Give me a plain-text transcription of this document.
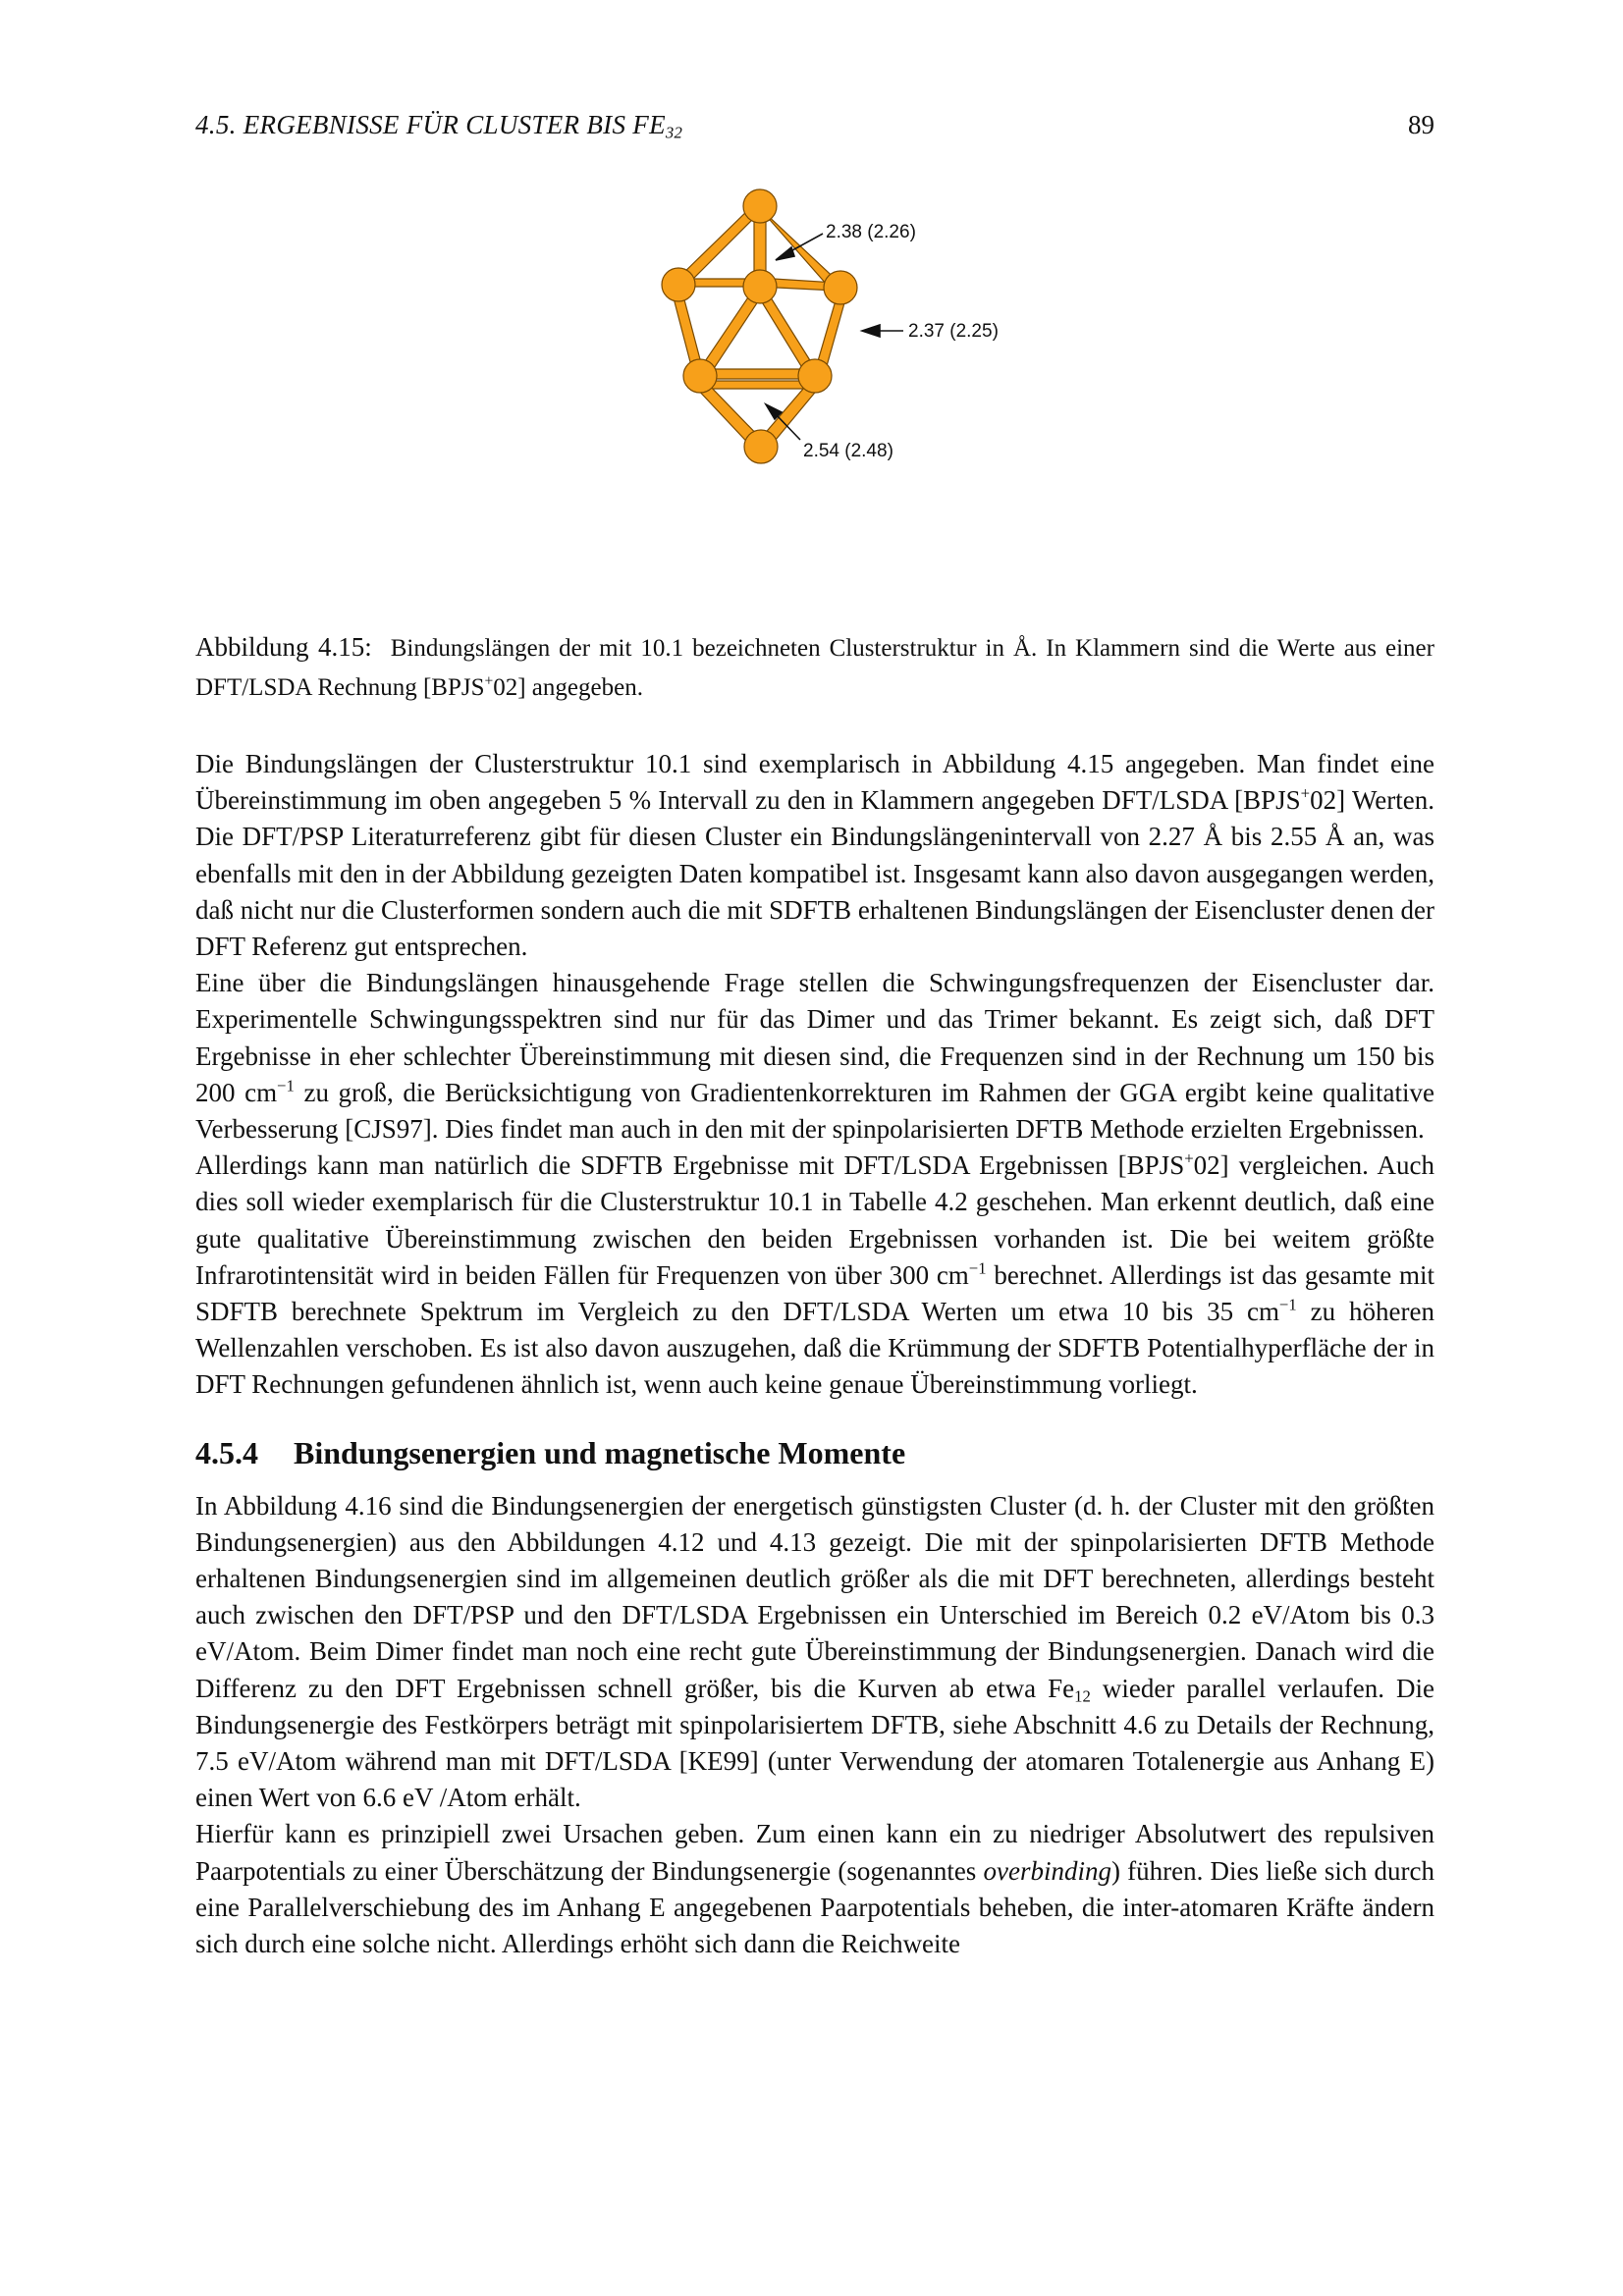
4.5. ERGEBNISSE FÜR CLUSTER BIS $FE_{32}$	89
2.38 (2.26)
2.37 (2.25)
2.54 (2.48)
Abbildung 4.15: Bindungslängen der mit 10.1 bezeichneten Clusterstruktur in Å. In Klammern sind die Werte aus einer DFT/LSDA Rechnung [BPJS+02] angegeben.

Die Bindungslängen der Clusterstruktur 10.1 sind exemplarisch in Abbildung 4.15 angegeben. Man findet eine Übereinstimmung im oben angegeben 5 % Intervall zu den in Klammern angegeben DFT/LSDA [BPJS+02] Werten. Die DFT/PSP Literaturreferenz gibt für diesen Cluster ein Bindungslängenintervall von 2.27 Å bis 2.55 Å an, was ebenfalls mit den in der Abbildung gezeigten Daten kompatibel ist. Insgesamt kann also davon ausgegangen werden, daß nicht nur die Clusterformen sondern auch die mit SDFTB erhaltenen Bindungslängen der Eisencluster denen der DFT Referenz gut entsprechen.

Eine über die Bindungslängen hinausgehende Frage stellen die Schwingungsfrequenzen der Eisencluster dar. Experimentelle Schwingungsspektren sind nur für das Dimer und das Trimer bekannt. Es zeigt sich, daß DFT Ergebnisse in eher schlechter Übereinstimmung mit diesen sind, die Frequenzen sind in der Rechnung um 150 bis 200 $cm^{-1}$ zu groß, die Berücksichtigung von Gradientenkorrekturen im Rahmen der GGA ergibt keine qualitative Verbesserung [CJS97]. Dies findet man auch in den mit der spinpolarisierten DFTB Methode erzielten Ergebnissen.

Allerdings kann man natürlich die SDFTB Ergebnisse mit DFT/LSDA Ergebnissen [BPJS+02] vergleichen. Auch dies soll wieder exemplarisch für die Clusterstruktur 10.1 in Tabelle 4.2 geschehen. Man erkennt deutlich, daß eine gute qualitative Übereinstimmung zwischen den beiden Ergebnissen vorhanden ist. Die bei weitem größte Infrarotintensität wird in beiden Fällen für Frequenzen von über 300 $cm^{-1}$ berechnet. Allerdings ist das gesamte mit SDFTB berechnete Spektrum im Vergleich zu den DFT/LSDA Werten um etwa 10 bis 35 $cm^{-1}$ zu höheren Wellenzahlen verschoben. Es ist also davon auszugehen, daß die Krümmung der SDFTB Potentialhyperfläche der in DFT Rechnungen gefundenen ähnlich ist, wenn auch keine genaue Übereinstimmung vorliegt.

4.5.4 Bindungsenergien und magnetische Momente

In Abbildung 4.16 sind die Bindungsenergien der energetisch günstigsten Cluster (d. h. der Cluster mit den größten Bindungsenergien) aus den Abbildungen 4.12 und 4.13 gezeigt. Die mit der spinpolarisierten DFTB Methode erhaltenen Bindungsenergien sind im allgemeinen deutlich größer als die mit DFT berechneten, allerdings besteht auch zwischen den DFT/PSP und den DFT/LSDA Ergebnissen ein Unterschied im Bereich 0.2 eV/Atom bis 0.3 eV/Atom. Beim Dimer findet man noch eine recht gute Übereinstimmung der Bindungsenergien. Danach wird die Differenz zu den DFT Ergebnissen schnell größer, bis die Kurven ab etwa $Fe_{12}$ wieder parallel verlaufen. Die Bindungsenergie des Festkörpers beträgt mit spinpolarisiertem DFTB, siehe Abschnitt 4.6 zu Details der Rechnung, 7.5 eV/Atom während man mit DFT/LSDA [KE99] (unter Verwendung der atomaren Totalenergie aus Anhang E) einen Wert von 6.6 eV /Atom erhält.

Hierfür kann es prinzipiell zwei Ursachen geben. Zum einen kann ein zu niedriger Absolutwert des repulsiven Paarpotentials zu einer Überschätzung der Bindungsenergie (sogenanntes overbinding) führen. Dies ließe sich durch eine Parallelverschiebung des im Anhang E angegebenen Paarpotentials beheben, die inter-atomaren Kräfte ändern sich durch eine solche nicht. Allerdings erhöht sich dann die Reichweite
